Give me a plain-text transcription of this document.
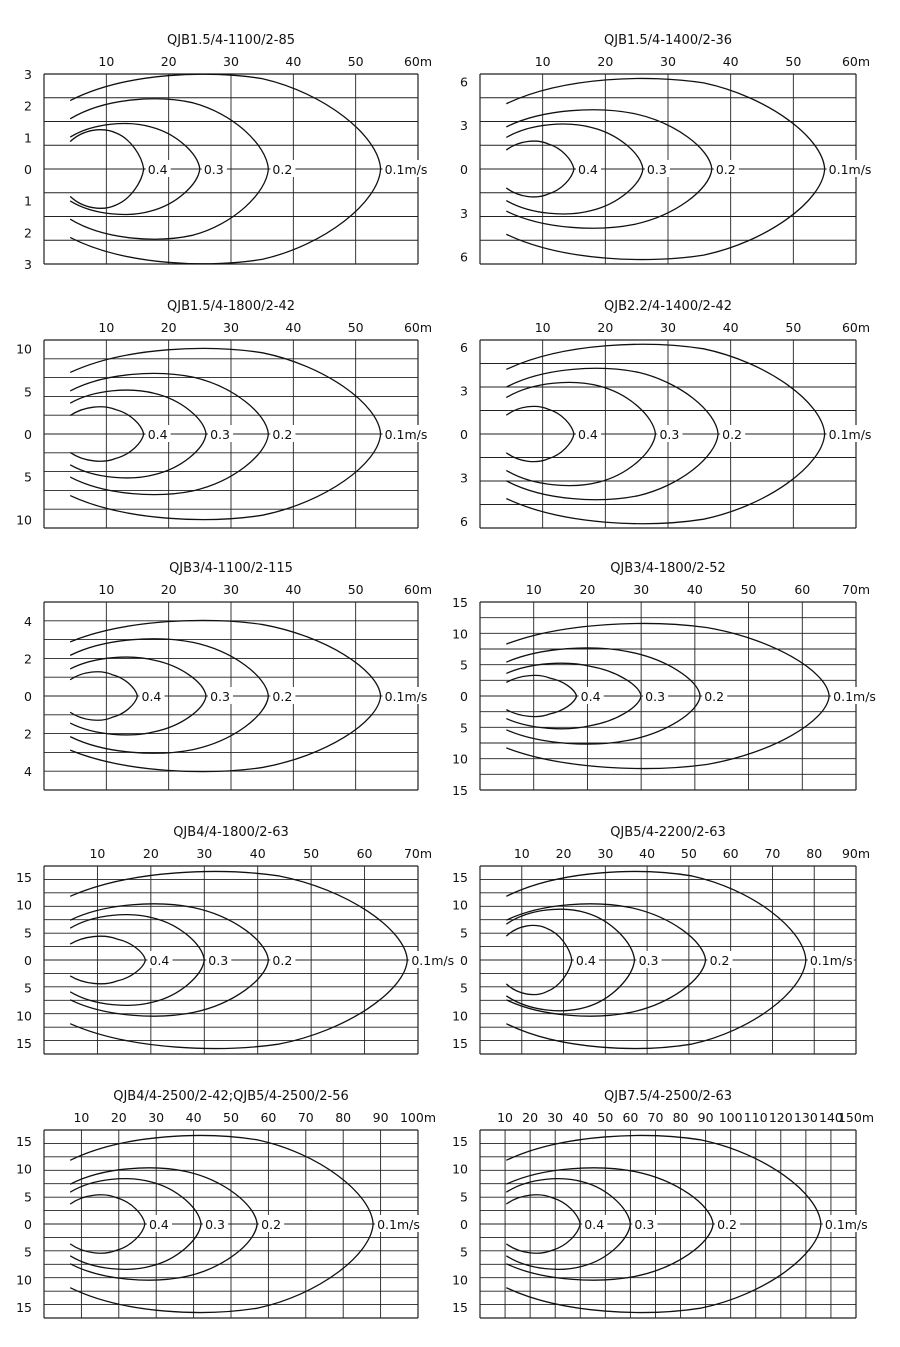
QJB1.5/4-1100/2-85
10	20	30	40	50	60m
3
2
1
0
1
2
3
0.4	0.3	0.2	0.1m/s
QJB1.5/4-1400/2-36
10	20	30	40	50	60m
6
3
0
3
6
0.4	0.3	0.2	0.1m/s
QJB1.5/4-1800/2-42
10	20	30	40	50	60m
10
5
0
5
10
0.4	0.3	0.2	0.1m/s
QJB2.2/4-1400/2-42
10	20	30	40	50	60m
6
3
0
3
6
0.4	0.3	0.2	0.1m/s
QJB3/4-1100/2-115
10	20	30	40	50	60m
4
2
0
2
4
0.4	0.3	0.2	0.1m/s
QJB3/4-1800/2-52
10	20	30	40	50	60	70m
15
10
5
0
5
10
15
0.4	0.3	0.2	0.1m/s
QJB4/4-1800/2-63
10	20	30	40	50	60	70m
15
10
5
0
5
10
15
0.4	0.3	0.2	0.1m/s
QJB5/4-2200/2-63
10 20 30 40 50 60 70 80 90m
15
10
5
0
5
10
15
0.4	0.3	0.2	0.1m/s
QJB4/4-2500/2-42;QJB5/4-2500/2-56
10 20 30 40 50 60 70 80 90 100m
15
10
5
0
5
10
15
0.4	0.3	0.2	0.1m/s
QJB7.5/4-2500/2-63
10 20 30 40 50 60 70 80 90 100 110 120 130 140
150m
15
10
5
0
5
10
15
0.4 0.3	0.2	0.1m/s
